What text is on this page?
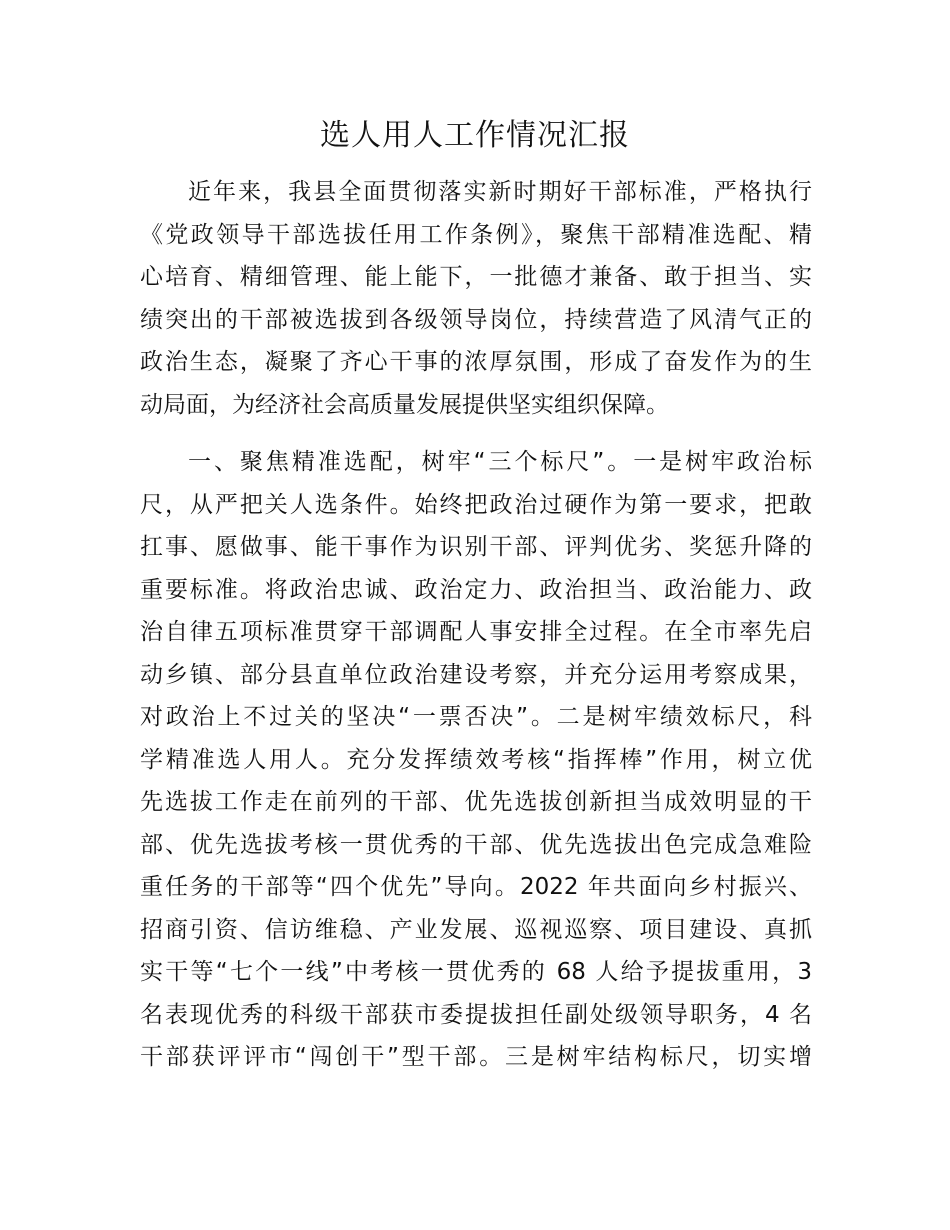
选人用人工作情况汇报
近年来，我县全面贯彻落实新时期好干部标准，严格执行
《党政领导干部选拔任用工作条例》，聚焦干部精准选配、精
心培育、精细管理、能上能下，一批德才兼备、敢于担当、实
绩突出的干部被选拔到各级领导岗位，持续营造了风清气正的
政治生态，凝聚了齐心干事的浓厚氛围，形成了奋发作为的生
动局面，为经济社会高质量发展提供坚实组织保障。
一、聚焦精准选配，树牢“三个标尺”。一是树牢政治标
尺，从严把关人选条件。始终把政治过硬作为第一要求，把敢
扛事、愿做事、能干事作为识别干部、评判优劣、奖惩升降的
重要标准。将政治忠诚、政治定力、政治担当、政治能力、政
治自律五项标准贯穿干部调配人事安排全过程。在全市率先启
动乡镇、部分县直单位政治建设考察，并充分运用考察成果，
对政治上不过关的坚决“一票否决”。二是树牢绩效标尺，科
学精准选人用人。充分发挥绩效考核“指挥棒”作用，树立优
先选拔工作走在前列的干部、优先选拔创新担当成效明显的干
部、优先选拔考核一贯优秀的干部、优先选拔出色完成急难险
重任务的干部等“四个优先”导向。2022 年共面向乡村振兴、
招商引资、信访维稳、产业发展、巡视巡察、项目建设、真抓
实干等“七个一线”中考核一贯优秀的 68 人给予提拔重用，3
名表现优秀的科级干部获市委提拔担任副处级领导职务，4 名
干部获评评市“闯创干”型干部。三是树牢结构标尺，切实增
